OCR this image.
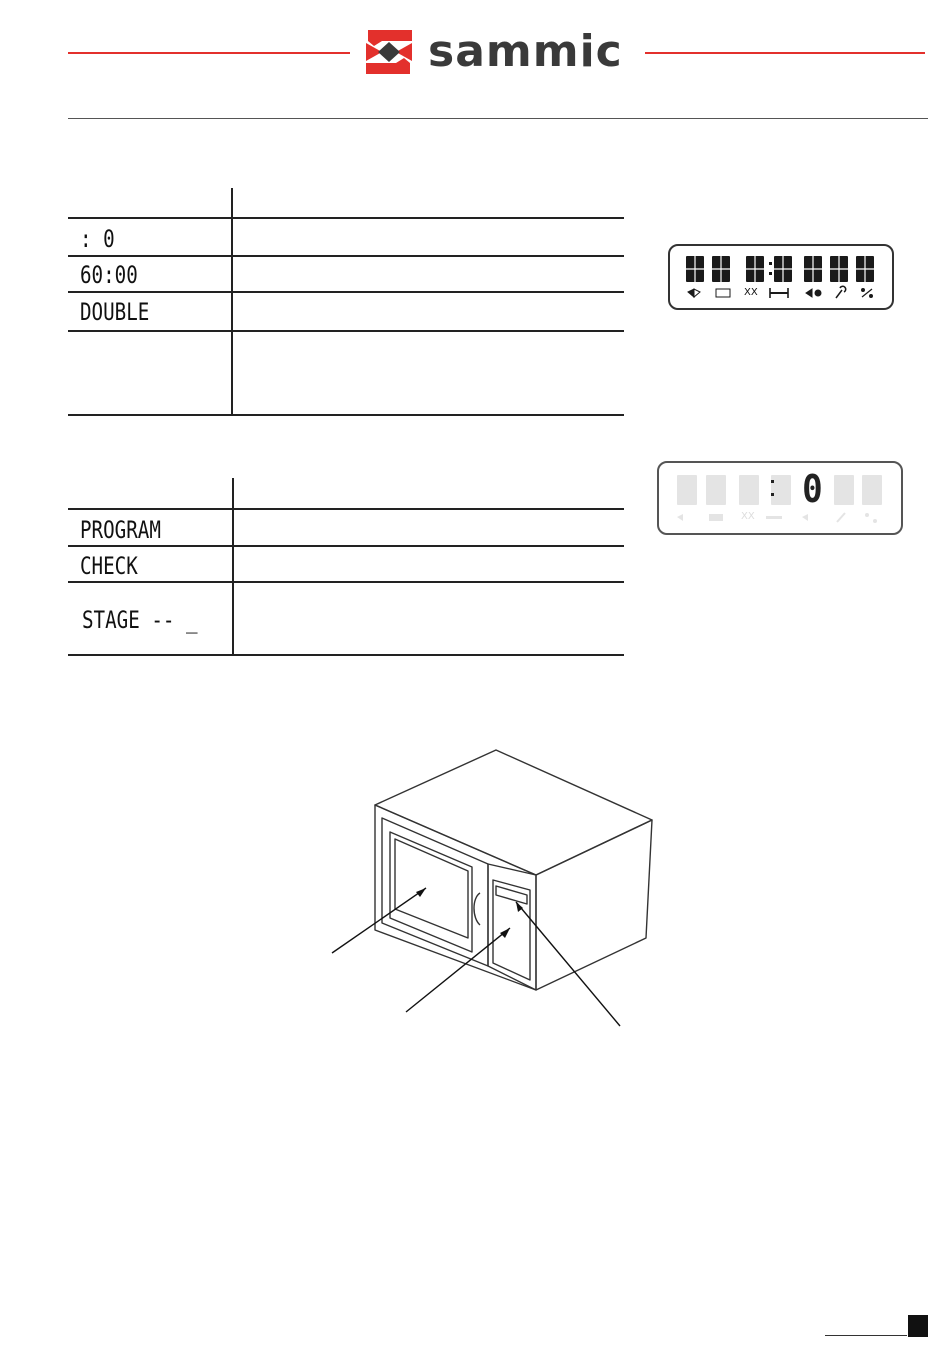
sammic
: 0
60:00
DOUBLE
PROGRAM
CHECK
STAGE -- _
XX
0
XX
